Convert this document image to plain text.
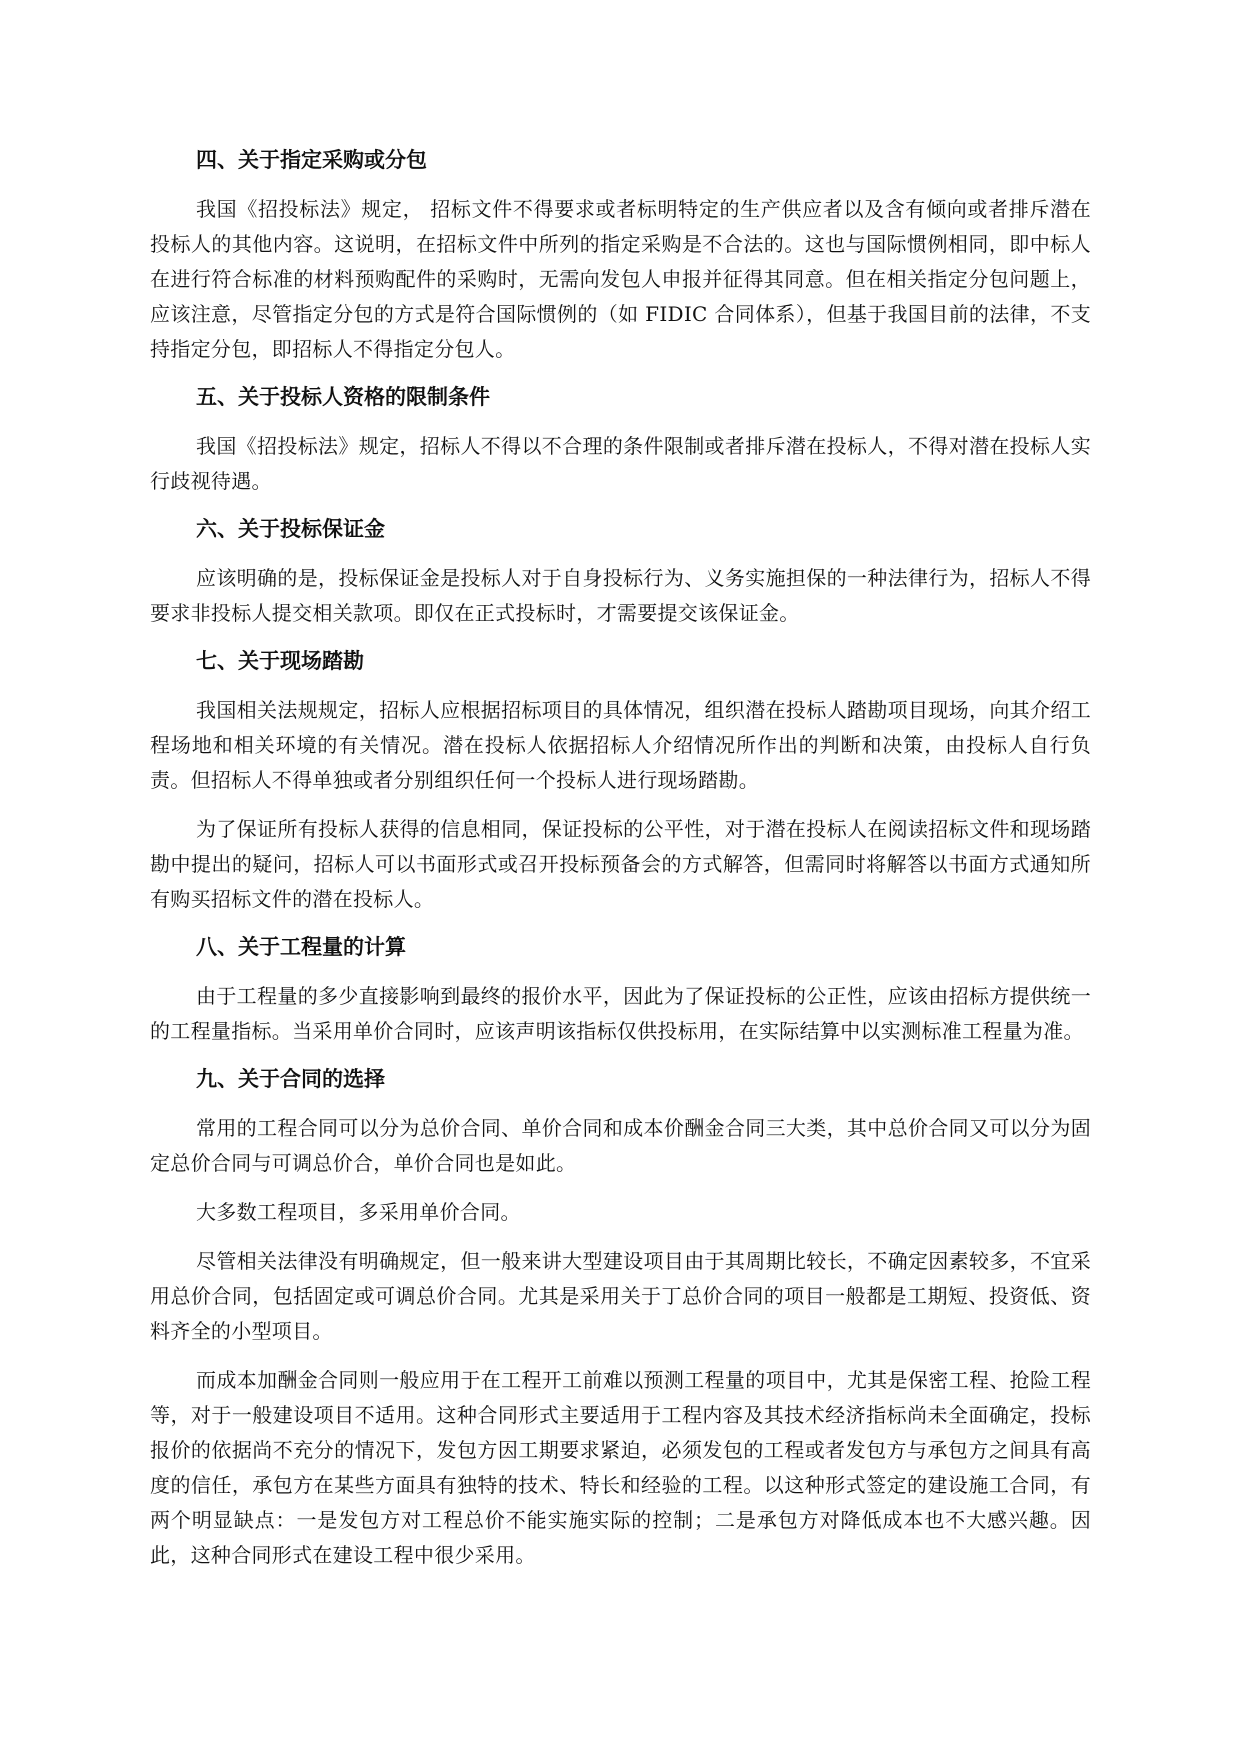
四、关于指定采购或分包

我国《招投标法》规定， 招标文件不得要求或者标明特定的生产供应者以及含有倾向或者排斥潜在投标人的其他内容。这说明，在招标文件中所列的指定采购是不合法的。这也与国际惯例相同，即中标人在进行符合标准的材料预购配件的采购时，无需向发包人申报并征得其同意。但在相关指定分包问题上，应该注意，尽管指定分包的方式是符合国际惯例的（如 FIDIC 合同体系），但基于我国目前的法律，不支持指定分包，即招标人不得指定分包人。

五、关于投标人资格的限制条件

我国《招投标法》规定，招标人不得以不合理的条件限制或者排斥潜在投标人，不得对潜在投标人实行歧视待遇。

六、关于投标保证金

应该明确的是，投标保证金是投标人对于自身投标行为、义务实施担保的一种法律行为，招标人不得要求非投标人提交相关款项。即仅在正式投标时，才需要提交该保证金。

七、关于现场踏勘

我国相关法规规定，招标人应根据招标项目的具体情况，组织潜在投标人踏勘项目现场，向其介绍工程场地和相关环境的有关情况。潜在投标人依据招标人介绍情况所作出的判断和决策，由投标人自行负责。但招标人不得单独或者分别组织任何一个投标人进行现场踏勘。

为了保证所有投标人获得的信息相同，保证投标的公平性，对于潜在投标人在阅读招标文件和现场踏勘中提出的疑问，招标人可以书面形式或召开投标预备会的方式解答，但需同时将解答以书面方式通知所有购买招标文件的潜在投标人。

八、关于工程量的计算

由于工程量的多少直接影响到最终的报价水平，因此为了保证投标的公正性，应该由招标方提供统一的工程量指标。当采用单价合同时，应该声明该指标仅供投标用，在实际结算中以实测标准工程量为准。

九、关于合同的选择

常用的工程合同可以分为总价合同、单价合同和成本价酬金合同三大类，其中总价合同又可以分为固定总价合同与可调总价合，单价合同也是如此。

大多数工程项目，多采用单价合同。

尽管相关法律没有明确规定，但一般来讲大型建设项目由于其周期比较长，不确定因素较多，不宜采用总价合同，包括固定或可调总价合同。尤其是采用关于丁总价合同的项目一般都是工期短、投资低、资料齐全的小型项目。

而成本加酬金合同则一般应用于在工程开工前难以预测工程量的项目中，尤其是保密工程、抢险工程等，对于一般建设项目不适用。这种合同形式主要适用于工程内容及其技术经济指标尚未全面确定，投标报价的依据尚不充分的情况下，发包方因工期要求紧迫，必须发包的工程或者发包方与承包方之间具有高度的信任，承包方在某些方面具有独特的技术、特长和经验的工程。以这种形式签定的建设施工合同，有两个明显缺点：一是发包方对工程总价不能实施实际的控制；二是承包方对降低成本也不大感兴趣。因此，这种合同形式在建设工程中很少采用。
